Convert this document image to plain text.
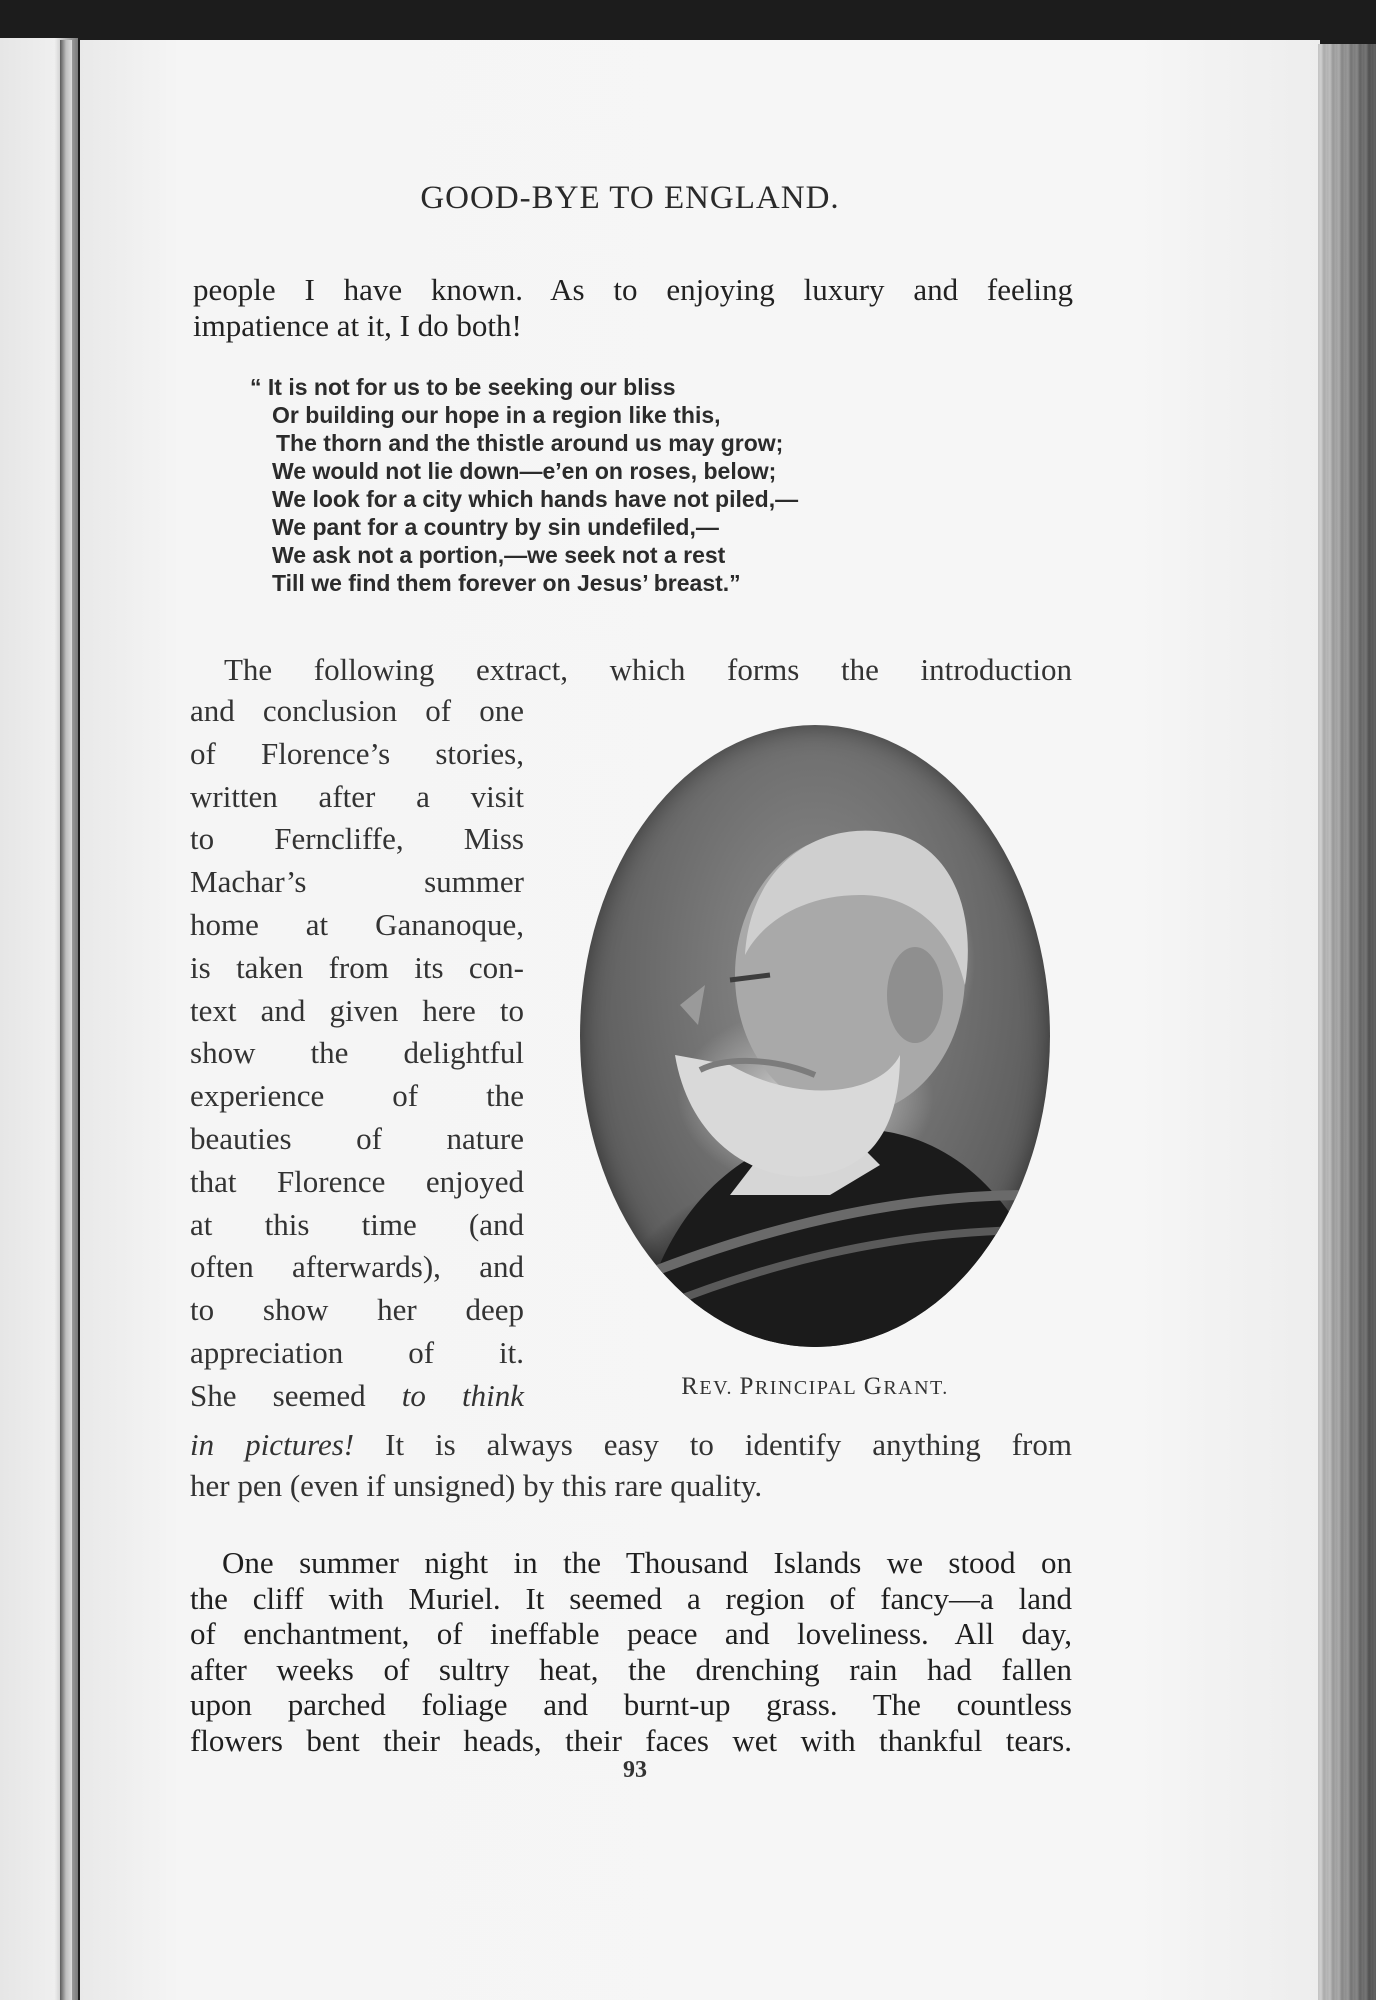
GOOD-BYE TO ENGLAND.
people I have known. As to enjoying luxury and feeling
impatience at it, I do both!
“ It is not for us to be seeking our bliss
Or building our hope in a region like this,
The thorn and the thistle around us may grow;
We would not lie down—e’en on roses, below;
We look for a city which hands have not piled,—
We pant for a country by sin undefiled,—
We ask not a portion,—we seek not a rest
Till we find them forever on Jesus’ breast.”
The following extract, which forms the introduction
and conclusion of one
of Florence’s stories,
written after a visit
to Ferncliffe, Miss
Machar’s summer
home at Gananoque,
is taken from its con-
text and given here to
show the delightful
experience of the
beauties of nature
that Florence enjoyed
at this time (and
often afterwards), and
to show her deep
appreciation of it.
She seemed to think
in pictures! It is always easy to identify anything from
her pen (even if unsigned) by this rare quality.
REV. PRINCIPAL GRANT.
One summer night in the Thousand Islands we stood on
the cliff with Muriel. It seemed a region of fancy—a land
of enchantment, of ineffable peace and loveliness. All day,
after weeks of sultry heat, the drenching rain had fallen
upon parched foliage and burnt-up grass. The countless
flowers bent their heads, their faces wet with thankful tears.
93
